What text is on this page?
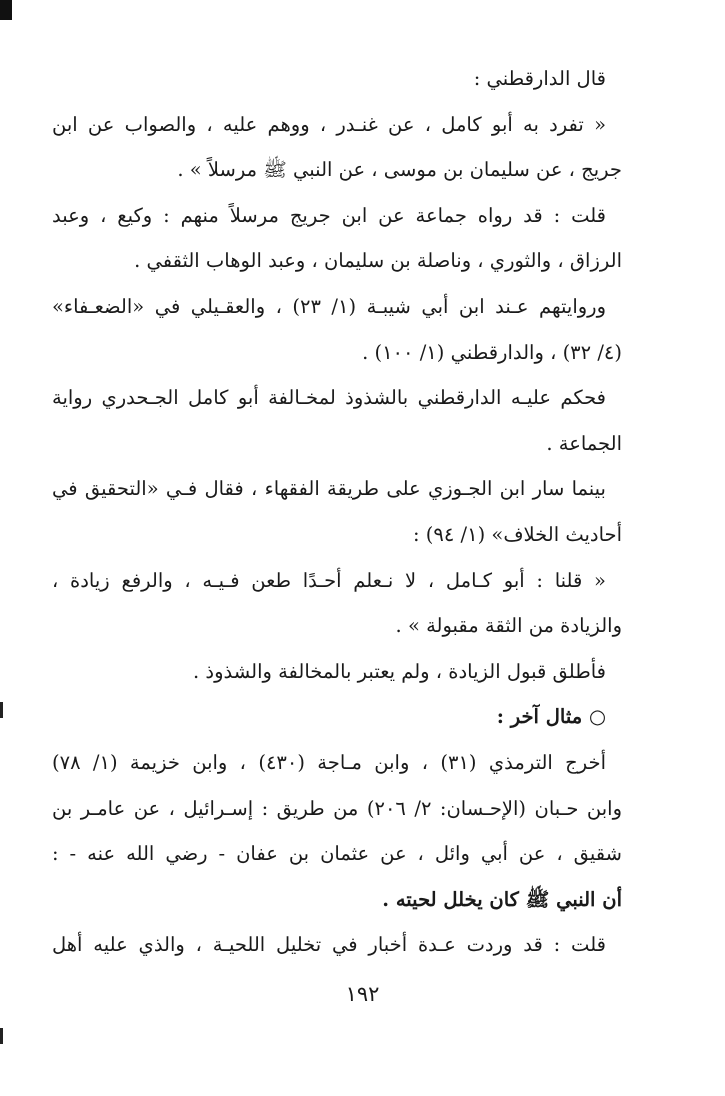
قال الدارقطني :
« تفرد به أبو كامل ، عن غنـدر ، ووهم عليه ، والصواب عن ابن
جريج ، عن سليمان بن موسى ، عن النبي ﷺ مرسلاً » .
قلت : قد رواه جماعة عن ابن جريج مرسلاً منهم : وكيع ، وعبد
الرزاق ، والثوري ، وناصلة بن سليمان ، وعبد الوهاب الثقفي .
وروايتهم عـند ابن أبي شيبـة (١/ ٢٣) ، والعقـيلي في «الضعـفاء»
(٤/ ٣٢) ، والدارقطني (١/ ١٠٠) .
فحكم عليـه الدارقطني بالشذوذ لمخـالفة أبو كامل الجـحدري رواية
الجماعة .
بينما سار ابن الجـوزي على طريقة الفقهاء ، فقال فـي «التحقيق في
أحاديث الخلاف» (١/ ٩٤) :
« قلنا : أبو كـامل ، لا نـعلم أحـدًا طعن فـيـه ، والرفع زيادة ،
والزيادة من الثقة مقبولة » .
فأطلق قبول الزيادة ، ولم يعتبر بالمخالفة والشذوذ .
○ مثال آخر :
أخرج الترمذي (٣١) ، وابن مـاجة (٤٣٠) ، وابن خزيمة (١/ ٧٨)
وابن حـبان (الإحـسان: ٢/ ٢٠٦) من طريق : إسـرائيل ، عن عامـر بن
شقيق ، عن أبي وائل ، عن عثمان بن عفان - رضي الله عنه - :
أن النبي ﷺ كان يخلل لحيته .
قلت : قد وردت عـدة أخبار في تخليل اللحيـة ، والذي عليه أهل
١٩٢
